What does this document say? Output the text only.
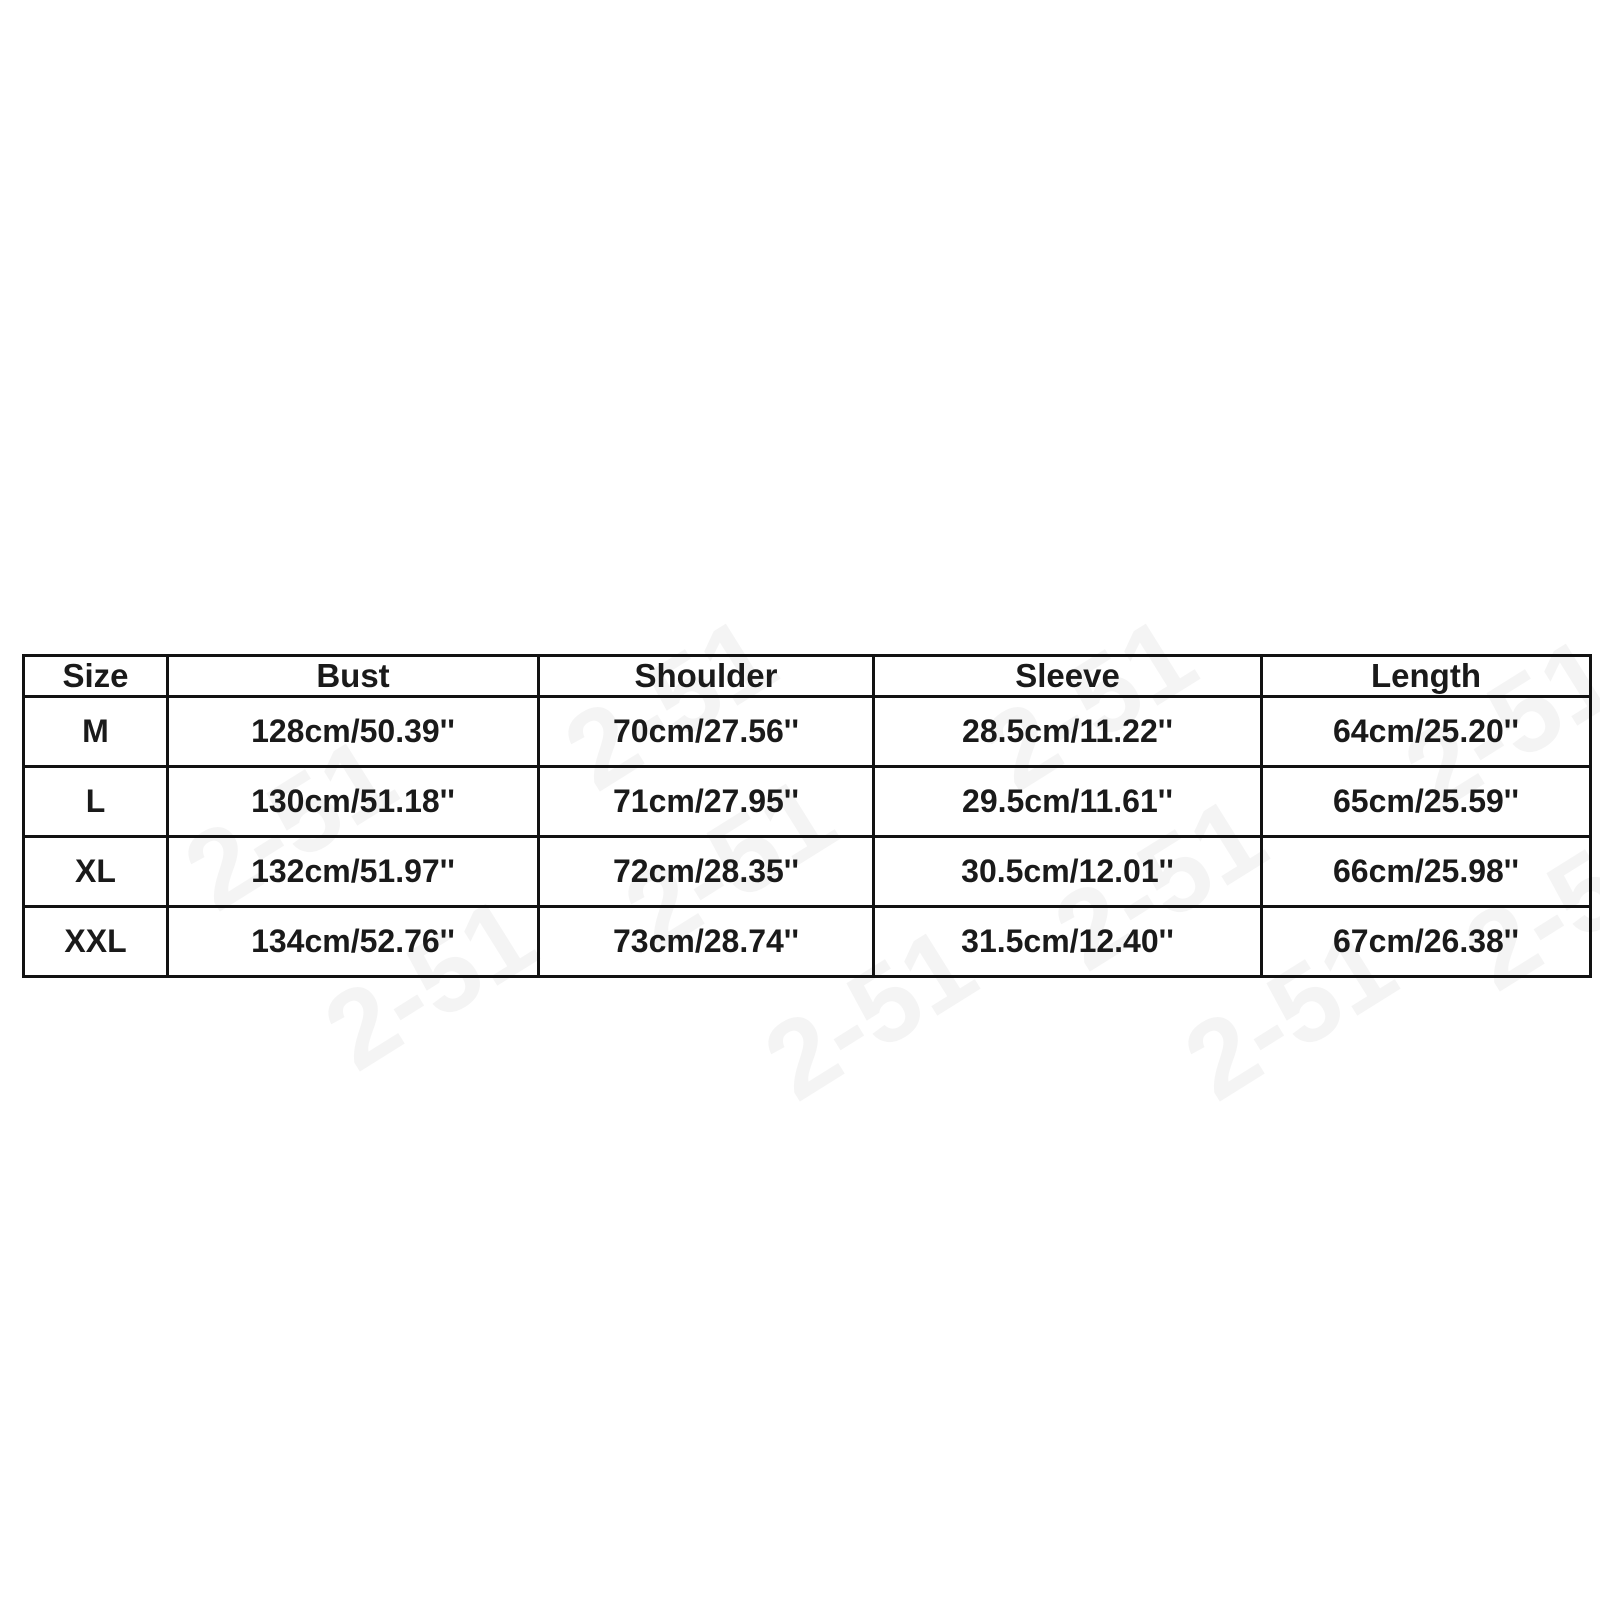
Size	Bust	Shoulder	Sleeve	Length
M	128cm/50.39''	70cm/27.56''	28.5cm/11.22''	64cm/25.20''
L	130cm/51.18''	71cm/27.95''	29.5cm/11.61''	65cm/25.59''
XL	132cm/51.97''	72cm/28.35''	30.5cm/12.01''	66cm/25.98''
XXL	134cm/52.76''	73cm/28.74''	31.5cm/12.40''	67cm/26.38''
